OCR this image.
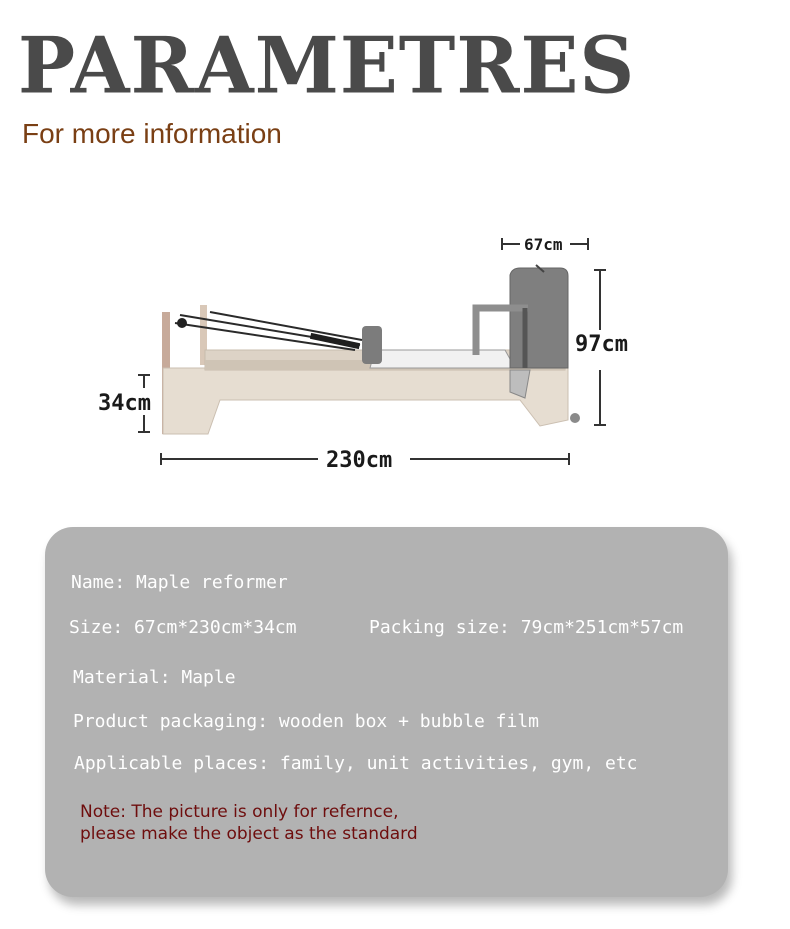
PARAMETRES
For more information
67cm
97cm
34cm
230cm
Name: Maple reformer
Size: 67cm*230cm*34cm	Packing size: 79cm*251cm*57cm
Material: Maple
Product packaging: wooden box + bubble film
Applicable places: family, unit activities, gym, etc
Note: The picture is only for refernce,
please make the object as the standard
